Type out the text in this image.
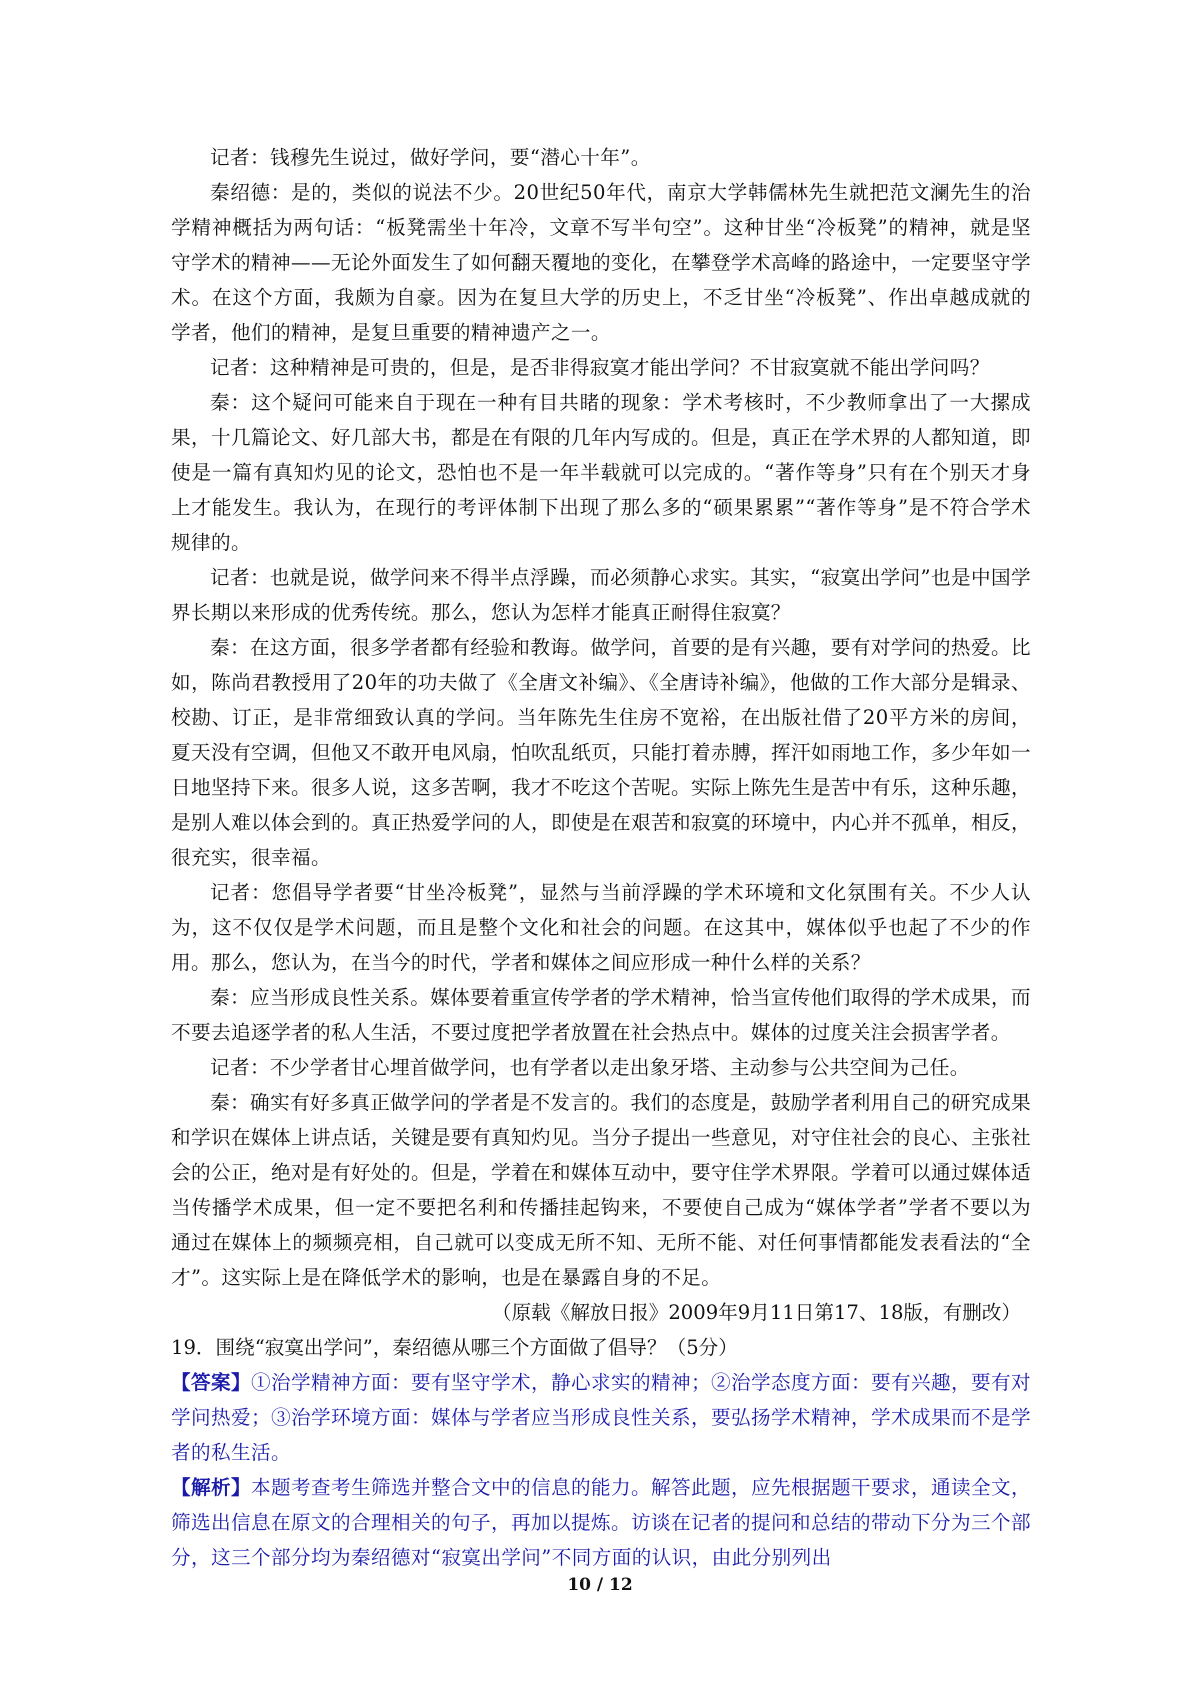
记者：钱穆先生说过，做好学问，要“潜心十年”。

秦绍德：是的，类似的说法不少。20世纪50年代，南京大学韩儒林先生就把范文澜先生的治学精神概括为两句话：“板凳需坐十年冷，文章不写半句空”。这种甘坐“冷板凳”的精神，就是坚守学术的精神——无论外面发生了如何翻天覆地的变化，在攀登学术高峰的路途中，一定要坚守学术。在这个方面，我颇为自豪。因为在复旦大学的历史上，不乏甘坐“冷板凳”、作出卓越成就的学者，他们的精神，是复旦重要的精神遗产之一。

记者：这种精神是可贵的，但是，是否非得寂寞才能出学问？不甘寂寞就不能出学问吗？

秦：这个疑问可能来自于现在一种有目共睹的现象：学术考核时，不少教师拿出了一大摞成果，十几篇论文、好几部大书，都是在有限的几年内写成的。但是，真正在学术界的人都知道，即使是一篇有真知灼见的论文，恐怕也不是一年半载就可以完成的。“著作等身”只有在个别天才身上才能发生。我认为，在现行的考评体制下出现了那么多的“硕果累累”“著作等身”是不符合学术规律的。

记者：也就是说，做学问来不得半点浮躁，而必须静心求实。其实，“寂寞出学问”也是中国学界长期以来形成的优秀传统。那么，您认为怎样才能真正耐得住寂寞？

秦：在这方面，很多学者都有经验和教诲。做学问，首要的是有兴趣，要有对学问的热爱。比如，陈尚君教授用了20年的功夫做了《全唐文补编》、《全唐诗补编》，他做的工作大部分是辑录、校勘、订正，是非常细致认真的学问。当年陈先生住房不宽裕，在出版社借了20平方米的房间，夏天没有空调，但他又不敢开电风扇，怕吹乱纸页，只能打着赤膊，挥汗如雨地工作，多少年如一日地坚持下来。很多人说，这多苦啊，我才不吃这个苦呢。实际上陈先生是苦中有乐，这种乐趣，是别人难以体会到的。真正热爱学问的人，即使是在艰苦和寂寞的环境中，内心并不孤单，相反，很充实，很幸福。

记者：您倡导学者要“甘坐冷板凳”，显然与当前浮躁的学术环境和文化氛围有关。不少人认为，这不仅仅是学术问题，而且是整个文化和社会的问题。在这其中，媒体似乎也起了不少的作用。那么，您认为，在当今的时代，学者和媒体之间应形成一种什么样的关系？

秦：应当形成良性关系。媒体要着重宣传学者的学术精神，恰当宣传他们取得的学术成果，而不要去追逐学者的私人生活，不要过度把学者放置在社会热点中。媒体的过度关注会损害学者。

记者：不少学者甘心埋首做学问，也有学者以走出象牙塔、主动参与公共空间为己任。

秦：确实有好多真正做学问的学者是不发言的。我们的态度是，鼓励学者利用自己的研究成果和学识在媒体上讲点话，关键是要有真知灼见。当分子提出一些意见，对守住社会的良心、主张社会的公正，绝对是有好处的。但是，学着在和媒体互动中，要守住学术界限。学着可以通过媒体适当传播学术成果，但一定不要把名利和传播挂起钩来，不要使自己成为“媒体学者”学者不要以为通过在媒体上的频频亮相，自己就可以变成无所不知、无所不能、对任何事情都能发表看法的“全才”。这实际上是在降低学术的影响，也是在暴露自身的不足。

（原载《解放日报》2009年9月11日第17、18版，有删改）

19．围绕“寂寞出学问”，秦绍德从哪三个方面做了倡导？（5分）

【答案】①治学精神方面：要有坚守学术，静心求实的精神；②治学态度方面：要有兴趣，要有对学问热爱；③治学环境方面：媒体与学者应当形成良性关系，要弘扬学术精神，学术成果而不是学者的私生活。

【解析】本题考查考生筛选并整合文中的信息的能力。解答此题，应先根据题干要求，通读全文，筛选出信息在原文的合理相关的句子，再加以提炼。访谈在记者的提问和总结的带动下分为三个部分，这三个部分均为秦绍德对“寂寞出学问”不同方面的认识，由此分别列出

10 / 12
